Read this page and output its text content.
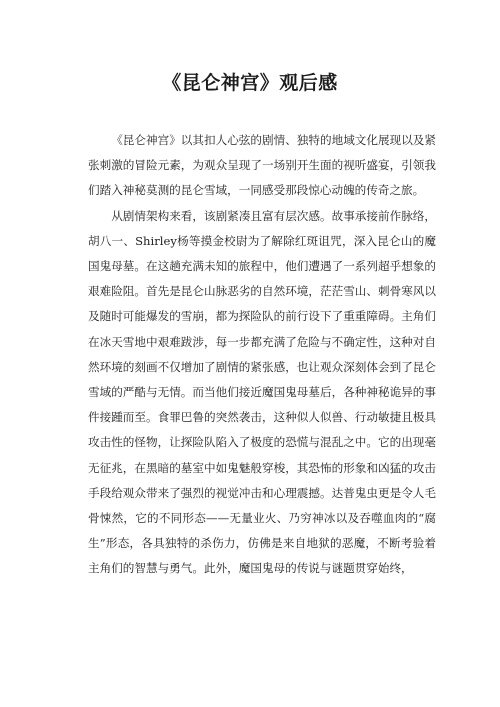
《昆仑神宫》观后感

《昆仑神宫》以其扣人心弦的剧情、独特的地域文化展现以及紧张刺激的冒险元素，为观众呈现了一场别开生面的视听盛宴，引领我们踏入神秘莫测的昆仑雪域，一同感受那段惊心动魄的传奇之旅。

从剧情架构来看，该剧紧凑且富有层次感。故事承接前作脉络，胡八一、Shirley杨等摸金校尉为了解除红斑诅咒，深入昆仑山的魔国鬼母墓。在这趟充满未知的旅程中，他们遭遇了一系列超乎想象的艰难险阻。首先是昆仑山脉恶劣的自然环境，茫茫雪山、刺骨寒风以及随时可能爆发的雪崩，都为探险队的前行设下了重重障碍。主角们在冰天雪地中艰难跋涉，每一步都充满了危险与不确定性，这种对自然环境的刻画不仅增加了剧情的紧张感，也让观众深刻体会到了昆仑雪域的严酷与无情。而当他们接近魔国鬼母墓后，各种神秘诡异的事件接踵而至。食罪巴鲁的突然袭击，这种似人似兽、行动敏捷且极具攻击性的怪物，让探险队陷入了极度的恐慌与混乱之中。它的出现毫无征兆，在黑暗的墓室中如鬼魅般穿梭，其恐怖的形象和凶猛的攻击手段给观众带来了强烈的视觉冲击和心理震撼。达普鬼虫更是令人毛骨悚然，它的不同形态——无量业火、乃穷神冰以及吞噬血肉的“腐生”形态，各具独特的杀伤力，仿佛是来自地狱的恶魔，不断考验着主角们的智慧与勇气。此外，魔国鬼母的传说与谜题贯穿始终，
